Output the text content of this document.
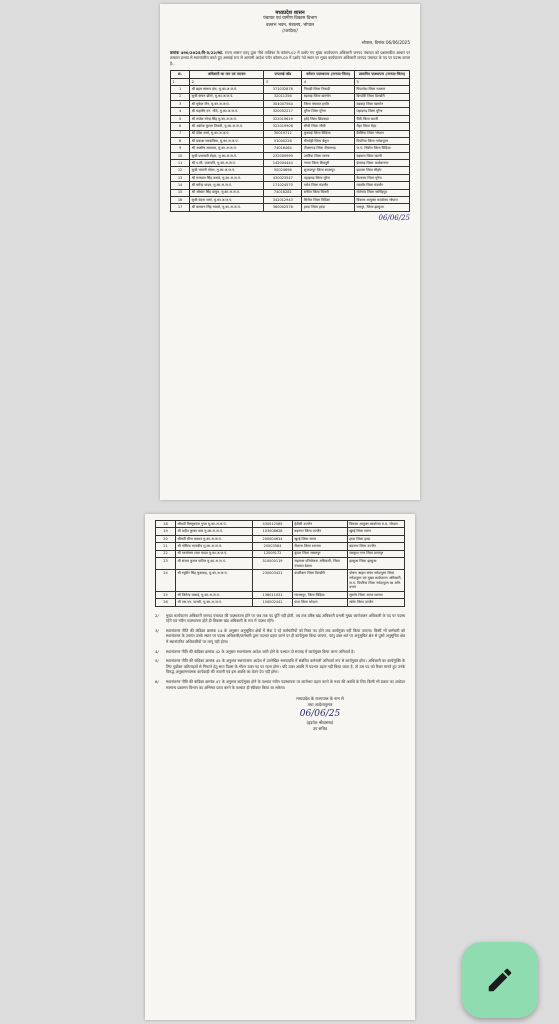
मध्यप्रदेश शासन
पंचायत एवं ग्रामीण विकास विभाग
वल्लभ भवन, मंत्रालय, भोपाल
//आदेश//
भोपाल, दिनांक 06/06/2025
क्रमांक 490/2025/वि-5/22/स्था. राज्य शासन एतद् द्वारा नीचे तालिका के कॉलम-02 में दर्शाए गए मुख्य कार्यपालन अधिकारी जनपद पंचायत को प्रशासकीय आधार पर तत्काल प्रभाव से स्थानांतरित करते हुए अस्थाई रूप से आगामी आदेश पर्यंत कॉलम-05 में दर्शाए गये स्थान पर मुख्य कार्यपालन अधिकारी जनपद पंचायत के पद पर पदस्थ करता है:-
क्र.	अधिकारी का नाम एवं पदनाम	एम्पलाई कोड	वर्तमान पदस्थापना (जनपद-जिला)	प्रस्तावित पदस्थापना (जनपद-जिला)
1	2	3	4	5
1	श्री ब्रहम स्वरूप हंस, मु.का.अ.ज.पं.	371032876	निवाड़ी जिला निवाड़ी	पिपलोदा जिला रतलाम
2	सुश्री कंचन डोंगरे, मु.का.अ.ज.पं.	32011356	बड़वाह जिला खरगोन	डिण्डौरी जिला डिण्डौरी
3	श्री मुकेश जैन, मु.का.अ.ज.पं.	304007564	जिला पंचायत इन्दौर	बड़वाह जिला खरगोन
4	श्री महावीर एन. मौर्य, मु.का.अ.ज.पं.	320052217	मुरैना जिला मुरैना	पहाड़गढ़ जिला मुरैना
5	श्री राजेश नरेन्द्र सिंह मु.का.अ.ज.पं.	322019619	हर्रई जिला छिंदवाड़ा	रीठी जिला कटनी
6	श्री अशोक कुमार तिवारी, मु.का.अ.ज.पं.	322019906	सीधी जिला सीधी	मैहर जिला मैहर
7	श्री देवेश शर्मा, मु.का.अ.ज.पं.	30019712	कुरवाई जिला विदिशा	बैरसिया जिला भोपाल
8	श्री प्रकाश जरवाविया, मु.का.अ.ज.पं.	51000226	भैंसदेही जिला बैतूल	पिपरिया जिला नर्मदापुरम
9	श्री आशीष अग्रवाल, मु.का.अ.ज.पं.	74016464	टीकमगढ़ जिला टीकमगढ़	ज.पं. सिरोंज जिला विदिशा
10	सुश्री प्रभावती रोहरा, मु.का.अ.ज.पं.	232009999	उमरिया जिला सतना	बड़वारा जिला कटनी
11	श्री ए.सी. प्रजापति, मु.का.अ.ज.पं.	142004444	नगवा जिला शिवपुरी	ईसागढ़ जिला अशोकनगर
12	सुश्री भवानी पोरस, मु.का.अ.ज.पं.	50024896	शुजालपुर जिला शाजापुर	इछावर जिला सीहोर
13	श्री रामपाल सिंह कराडे, मु.का.अ.ज.पं.	430023547	पहाड़गढ़ जिला मुरैना	कैलारस जिला मुरैना
14	श्री धर्मेन्द्र यादव, मु.का.अ.ज.पं.	171024570	गरोठ जिला मंदसौर	मंदसौर जिला मंदसौर
15	श्री ओंकार सिंह ठाकुर, मु.का.अ.ज.पं.	74016281	बनीता जिला सिवनी	गोटेगांव जिला नरसिंहपुर
16	सुश्री वंदना शर्मा, मु.का.अ.ज.पं.	342012943	सिरोंज जिला विदिशा	विकास आयुक्त कार्यालय भोपाल
17	श्री बलवान सिंह मवासे, मु.का.अ.ज.पं.	360002576	हरदा जिला हरदा	रामपुर, जिला झाबुआ
06/06/25
18	श्रीमती विष्णुकांता गुप्ता मु.का.अ.ज.पं.	430012585	हैदीसी उज्जैन	विकास आयुक्त कार्यालय म.प्र. भोपाल
19	श्री प्रदीप कुमार पाल मु.का.अ.ज.पं.	103008628	बड़नगर जिला उज्जैन	खुरई जिला सागर
20	श्रीमती मीना कश्यप मु.का.अ.ज.पं.	200004614	खुरई जिला सागर	हरदा जिला हरदा
21	श्री गोविन्द भलावीय मु.का.अ.ज.पं.	20003584	सैलाना जिला रतलाम	बड़नगर जिला उज्जैन
22	श्री परसोत्तम लाल यादव मु.का.अ.ज.पं.	12009172	कुंडम जिला जबलपुर	लवकुश नगर जिला छतरपुर
23	श्री संजय कुमार पाटिल मु.का.अ.ज.पं.	510000119	सहायक परियोजना अधिकारी, जिला पंचायत देवास	झाबुआ जिला झाबुआ
24	श्री रघुवीर सिंह कुशवाह, मु.का.अ.ज.पं.	230003421	कालीबाग जिला डिण्डौरी	पोषण आहार संयंत्र नर्मदापुरम जिला नर्मदापुरम एवं मुख्य कार्यपालन अधिकारी, ज.पं. पिपरिया जिला नर्मदापुरम का अति. प्रभार
25	श्री जितेन्द्र धाकड़े, मु.का.अ.ज.पं.	136011931	ग्यारसपुर, जिला विदिशा	सुसनेर जिला आगर मालवा
26	श्री एस.एन. पारसी, मु.का.अ.ज.पं.	100002441	फंदा जिला भोपाल	सांवेर जिला उज्जैन
2/	मुख्य कार्यपालन अधिकारी जनपद पंचायत की पदस्थापना होने पर जब तक पद पूर्ति नहीं होती, तब तक वरिष्ठ खंड अधिकारी प्रभारी मुख्य कार्यपालन अधिकारी के पद पर पदस्थ रहेंगे एवं नवीन पदस्थापना होते ही विकास खंड अधिकारी के रूप में पदस्थ रहेंगे।
3/	स्थानांतरण नीति की कंडिका क्रमांक 14 के अनुसार अनुसूचित क्षेत्रों में सेवा दे रहे कर्मचारियों को रिक्त पद होने तक कार्यमुक्त नहीं किया जाएगा। किसी भी कर्मचारी को स्थानांतरण के उपरांत उनके स्थान पर पदस्थ अधिकारी/कर्मचारी द्वारा पदभार ग्रहण करने पर ही कार्यमुक्त किया जाएगा, परंतु उक्त शर्त पर अनुसूचित क्षेत्र से दूसरे अनुसूचित क्षेत्र में स्थानांतरित अधिकारियों पर लागू नहीं होगा।
4/	स्थानांतरण नीति की कंडिका क्रमांक 42 के अनुसार स्थानांतरण आदेश जारी होने के पश्चात दो सप्ताह में कार्यमुक्त किया जाना अनिवार्य है।
5/	स्थानांतरण नीति की कंडिका क्रमांक 45 के अनुसार स्थानांतरण आदेश में उल्लेखित समयावधि में संबंधित कर्मचारी अनिवार्य रूप से कार्यमुक्त होगा। अधिकारी का कार्यमुक्ति के लिए पूर्वोक्त कठिनाइयों से निपटने हेतु सात दिवस के भीतर उक्त पद पर रहना होगा। यदि उक्त अवधि में पदभार ग्रहण नहीं किया जाता है, तो उस पद को रिक्त मानते हुए उनके विरुद्ध अनुशासनात्मक कार्यवाही की जाएगी एवं इस अवधि का वेतन देय नहीं होगा।
6/	स्थानांतरण नीति की कंडिका क्रमांक 47 के अनुसार कार्यमुक्त होने के पश्चात नवीन पदस्थापना पर कार्यभार ग्रहण करने के मध्य की अवधि के लिए किसी भी प्रकार का आवेदन सामान्य प्रशासन विभाग का अभिमत प्राप्त करने के पश्चात ही स्वीकार किया जा सकेगा।
मध्यप्रदेश के राज्यपाल के नाम से
तथा आदेशानुसार
06/06/25
(हृदयेश श्रीवास्तव)
उप सचिव
